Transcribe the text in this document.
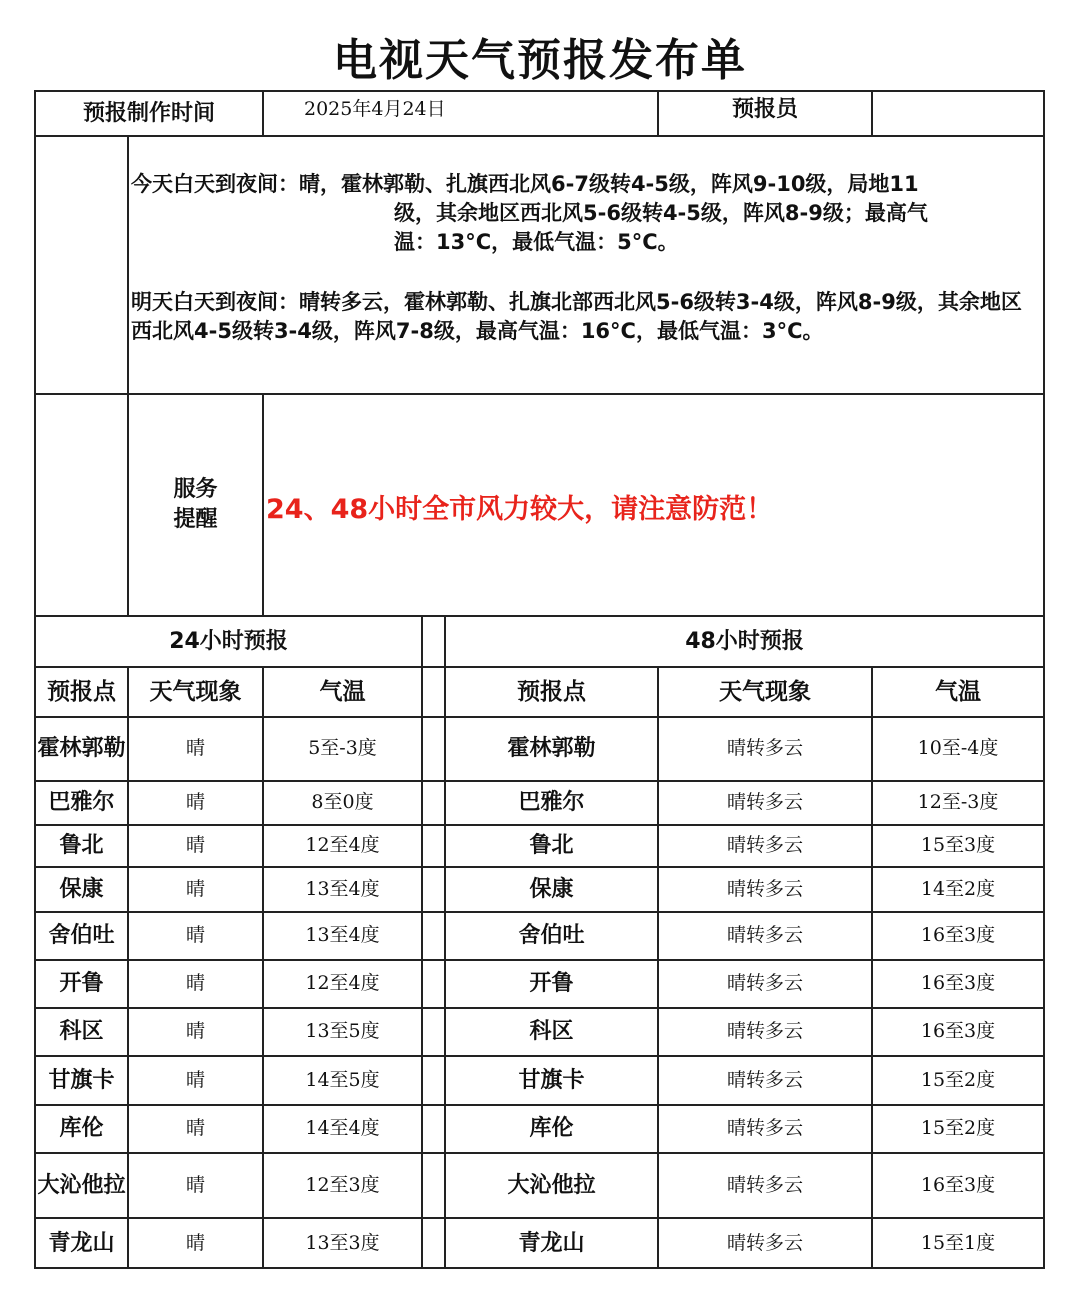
电视天气预报发布单
预报制作时间	2025年4月24日	预报员
今天白天到夜间：晴，霍林郭勒、扎旗西北风6-7级转4-5级，阵风9-10级，局地11
级，其余地区西北风5-6级转4-5级，阵风8-9级；最高气
温：13°C，最低气温：5°C。
明天白天到夜间：晴转多云，霍林郭勒、扎旗北部西北风5-6级转3-4级，阵风8-9级，其余地区西北风4-5级转3-4级，阵风7-8级，最高气温：16°C，最低气温：3°C。
服务
提醒 24、48小时全市风力较大，请注意防范！
24小时预报	48小时预报
预报点	天气现象	气温	预报点	天气现象	气温
霍林郭勒	晴	5至-3度	霍林郭勒	晴转多云	10至-4度
巴雅尔	晴	8至0度	巴雅尔	晴转多云	12至-3度
鲁北	晴	12至4度	鲁北	晴转多云	15至3度
保康	晴	13至4度	保康	晴转多云	14至2度
舍伯吐	晴	13至4度	舍伯吐	晴转多云	16至3度
开鲁	晴	12至4度	开鲁	晴转多云	16至3度
科区	晴	13至5度	科区	晴转多云	16至3度
甘旗卡	晴	14至5度	甘旗卡	晴转多云	15至2度
库伦	晴	14至4度	库伦	晴转多云	15至2度
大沁他拉	晴	12至3度	大沁他拉	晴转多云	16至3度
青龙山	晴	13至3度	青龙山	晴转多云	15至1度
